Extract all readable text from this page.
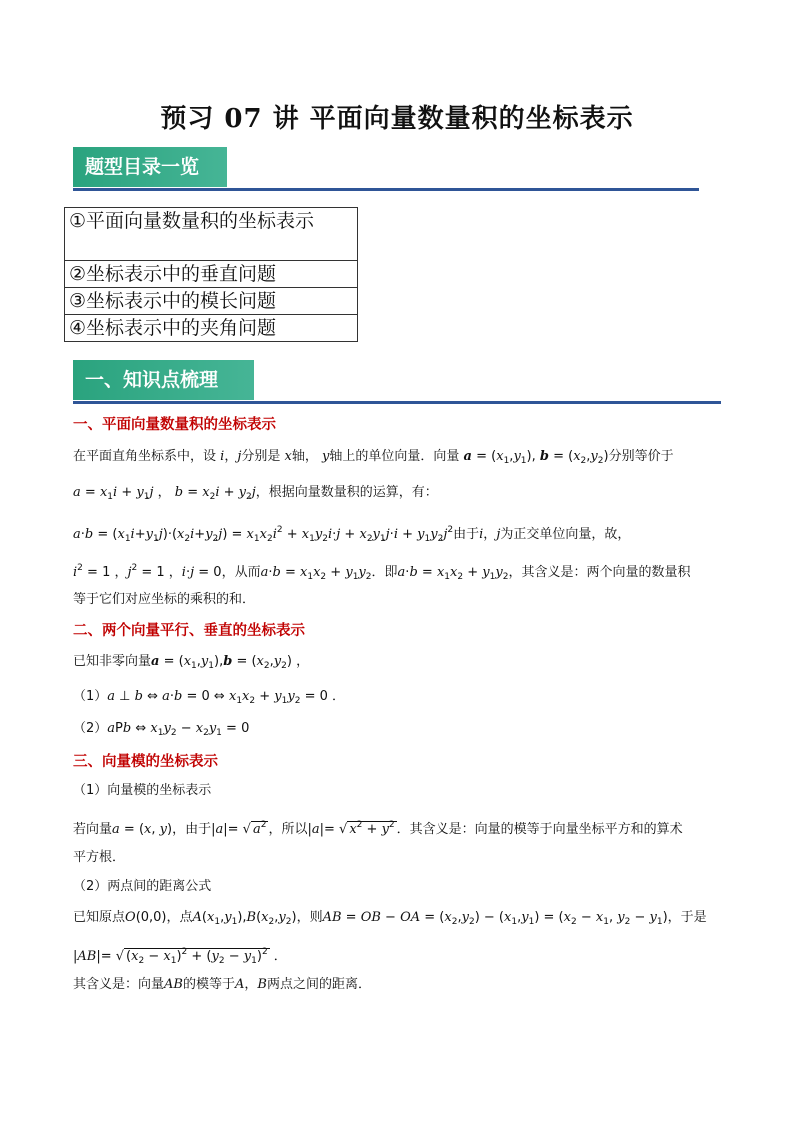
预习 07 讲 平面向量数量积的坐标表示
题型目录一览
①平面向量数量积的坐标表示
②坐标表示中的垂直问题
③坐标表示中的模长问题
④坐标表示中的夹角问题
一、知识点梳理
一、平面向量数量积的坐标表示
在平面直角坐标系中，设 i，j分别是 x轴， y轴上的单位向量．向量 $a = (x_1,y_1)$, $b = (x_2,y_2)$分别等价于
$a = x_1i + y_1j$ ， $b = x_2i + y_2j$，根据向量数量积的运算，有：
$a\cdot b = (x_1i+y_1j)\cdot(x_2i+y_2j) = x_1x_2i^2 + x_1y_2i\cdot j + x_2y_1j\cdot i + y_1y_2j^2$由于i，j为正交单位向量，故，
$i^2 = 1$ ，$j^2 = 1$ ，i·j = 0，从而$a\cdot b = x_1x_2 + y_1y_2$．即$a\cdot b = x_1x_2 + y_1y_2$，其含义是：两个向量的数量积
等于它们对应坐标的乘积的和．
二、两个向量平行、垂直的坐标表示
已知非零向量$a = (x_1,y_1),b = (x_2,y_2)$ ，
（1）a ⊥ b ⇔ a·b = 0 ⇔ $x_1x_2 + y_1y_2 = 0$ ．
（2）aPb ⇔ $x_1y_2 - x_2y_1 = 0$
三、向量模的坐标表示
（1）向量模的坐标表示
若向量a = (x, y)，由于|a|= √ $a^2$ ，所以|a|= √ $x^2 + y^2$ ．其含义是：向量的模等于向量坐标平方和的算术
平方根．
（2）两点间的距离公式
已知原点O(0,0)，点$A(x_1,y_1),B(x_2,y_2)$，则AB = OB − OA = $(x_2,y_2) - (x_1,y_1) = (x_2 - x_1$, $y_2 - y_1$)，于是
|AB|= √ $(x_2 - x_1)^2 + (y_2 - y_1)^2$ ．
其含义是：向量AB的模等于A，B两点之间的距离．
